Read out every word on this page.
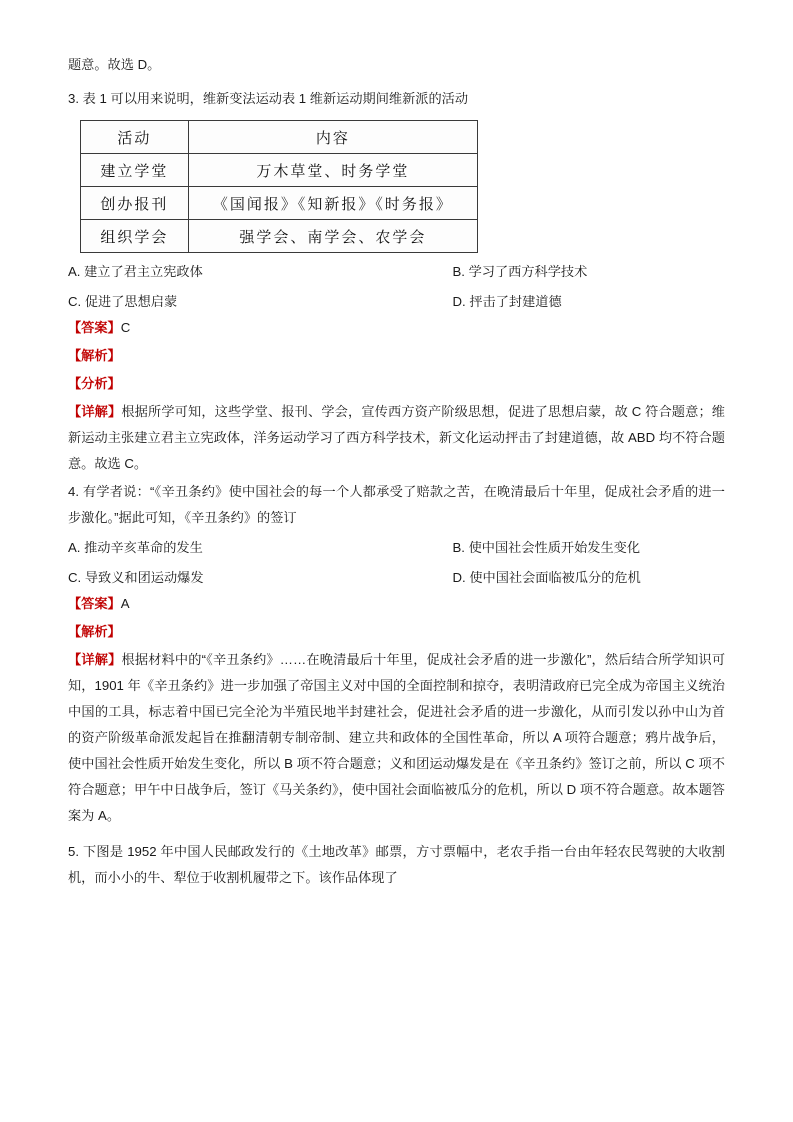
题意。故选 D。

3. 表 1 可以用来说明，维新变法运动表 1 维新运动期间维新派的活动

活动	内容
建立学堂	万木草堂、时务学堂
创办报刊	《国闻报》《知新报》《时务报》
组织学会	强学会、南学会、农学会
A. 建立了君主立宪政体	B. 学习了西方科学技术
C. 促进了思想启蒙	D. 抨击了封建道德

【答案】C

【解析】

【分析】

【详解】根据所学可知，这些学堂、报刊、学会，宣传西方资产阶级思想，促进了思想启蒙，故 C 符合题意；维新运动主张建立君主立宪政体，洋务运动学习了西方科学技术，新文化运动抨击了封建道德，故 ABD 均不符合题意。故选 C。

4. 有学者说：“《辛丑条约》使中国社会的每一个人都承受了赔款之苦，在晚清最后十年里，促成社会矛盾的进一步激化。”据此可知，《辛丑条约》的签订

A. 推动辛亥革命的发生	B. 使中国社会性质开始发生变化
C. 导致义和团运动爆发	D. 使中国社会面临被瓜分的危机

【答案】A

【解析】

【详解】根据材料中的“《辛丑条约》……在晚清最后十年里，促成社会矛盾的进一步激化”，然后结合所学知识可知，1901 年《辛丑条约》进一步加强了帝国主义对中国的全面控制和掠夺，表明清政府已完全成为帝国主义统治中国的工具，标志着中国已完全沦为半殖民地半封建社会，促进社会矛盾的进一步激化，从而引发以孙中山为首的资产阶级革命派发起旨在推翻清朝专制帝制、建立共和政体的全国性革命，所以 A 项符合题意；鸦片战争后，使中国社会性质开始发生变化，所以 B 项不符合题意；义和团运动爆发是在《辛丑条约》签订之前，所以 C 项不符合题意；甲午中日战争后，签订《马关条约》，使中国社会面临被瓜分的危机，所以 D 项不符合题意。故本题答案为 A。

5. 下图是 1952 年中国人民邮政发行的《土地改革》邮票，方寸票幅中，老农手指一台由年轻农民驾驶的大收割机，而小小的牛、犁位于收割机履带之下。该作品体现了
